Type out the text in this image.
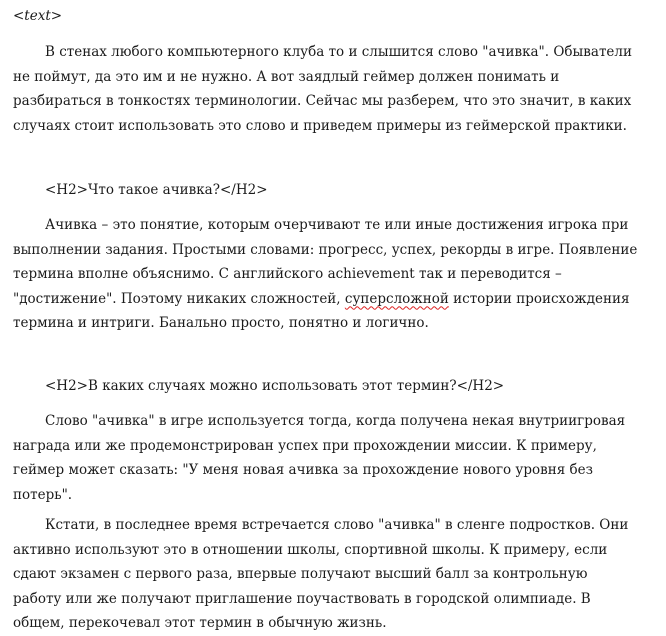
<text>

В стенах любого компьютерного клуба то и слышится слово "ачивка". Обыватели
не поймут, да это им и не нужно. А вот заядлый геймер должен понимать и
разбираться в тонкостях терминологии. Сейчас мы разберем, что это значит, в каких
случаях стоит использовать это слово и приведем примеры из геймерской практики.

<H2>Что такое ачивка?</H2>

Ачивка – это понятие, которым очерчивают те или иные достижения игрока при
выполнении задания. Простыми словами: прогресс, успех, рекорды в игре. Появление
термина вполне объяснимо. С английского achievement так и переводится –
"достижение". Поэтому никаких сложностей, суперсложной истории происхождения
термина и интриги. Банально просто, понятно и логично.

<H2>В каких случаях можно использовать этот термин?</H2>

Слово "ачивка" в игре используется тогда, когда получена некая внутриигровая
награда или же продемонстрирован успех при прохождении миссии. К примеру,
геймер может сказать: "У меня новая ачивка за прохождение нового уровня без
потерь".

Кстати, в последнее время встречается слово "ачивка" в сленге подростков. Они
активно используют это в отношении школы, спортивной школы. К примеру, если
сдают экзамен с первого раза, впервые получают высший балл за контрольную
работу или же получают приглашение поучаствовать в городской олимпиаде. В
общем, перекочевал этот термин в обычную жизнь.
